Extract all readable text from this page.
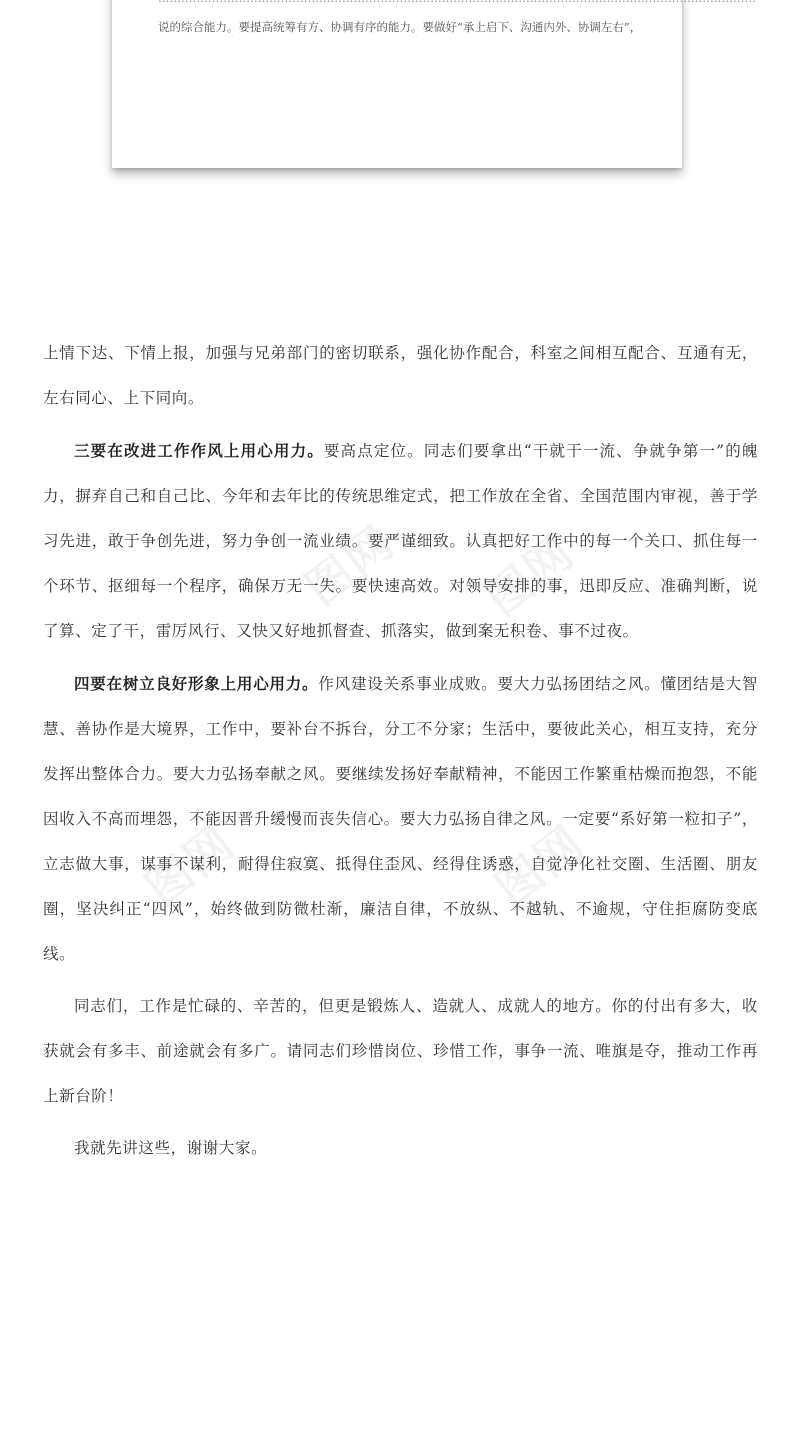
说的综合能力。要提高统筹有方、协调有序的能力。要做好“承上启下、沟通内外、协调左右”，
图网 图网
图网	图网

上情下达、下情上报，加强与兄弟部门的密切联系，强化协作配合，科室之间相互配合、互通有无，左右同心、上下同向。

三要在改进工作作风上用心用力。要高点定位。同志们要拿出“干就干一流、争就争第一”的魄力，摒弃自己和自己比、今年和去年比的传统思维定式，把工作放在全省、全国范围内审视，善于学习先进，敢于争创先进，努力争创一流业绩。要严谨细致。认真把好工作中的每一个关口、抓住每一个环节、抠细每一个程序，确保万无一失。要快速高效。对领导安排的事，迅即反应、准确判断，说了算、定了干，雷厉风行、又快又好地抓督查、抓落实，做到案无积卷、事不过夜。

四要在树立良好形象上用心用力。作风建设关系事业成败。要大力弘扬团结之风。懂团结是大智慧、善协作是大境界，工作中，要补台不拆台，分工不分家；生活中，要彼此关心，相互支持，充分发挥出整体合力。要大力弘扬奉献之风。要继续发扬好奉献精神，不能因工作繁重枯燥而抱怨，不能因收入不高而埋怨，不能因晋升缓慢而丧失信心。要大力弘扬自律之风。一定要“系好第一粒扣子”，立志做大事，谋事不谋利，耐得住寂寞、抵得住歪风、经得住诱惑，自觉净化社交圈、生活圈、朋友圈，坚决纠正“四风”，始终做到防微杜渐，廉洁自律，不放纵、不越轨、不逾规，守住拒腐防变底线。

同志们，工作是忙碌的、辛苦的，但更是锻炼人、造就人、成就人的地方。你的付出有多大，收获就会有多丰、前途就会有多广。请同志们珍惜岗位、珍惜工作，事争一流、唯旗是夺，推动工作再上新台阶！

我就先讲这些，谢谢大家。
